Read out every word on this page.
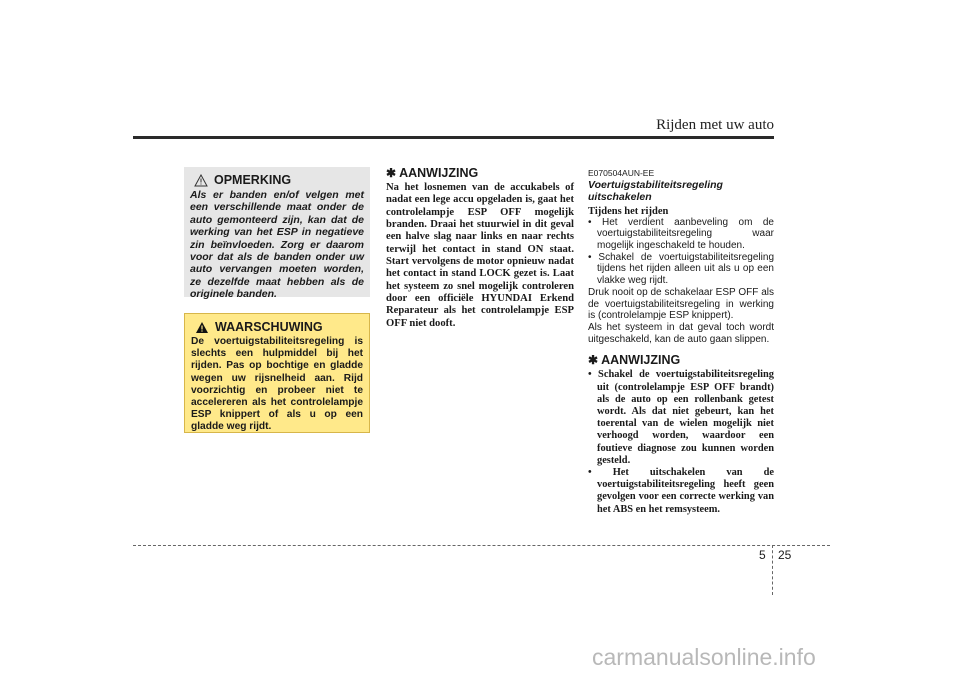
Rijden met uw auto
OPMERKING
Als er banden en/of velgen met een verschillende maat onder de auto gemonteerd zijn, kan dat de werking van het ESP in negatieve zin beïnvloeden. Zorg er daarom voor dat als de banden onder uw auto vervangen moeten worden, ze dezelfde maat hebben als de originele banden.
WAARSCHUWING
De voertuigstabiliteitsregeling is slechts een hulpmiddel bij het rijden. Pas op bochtige en gladde wegen uw rijsnelheid aan. Rijd voorzichtig en probeer niet te accelereren als het controlelampje ESP knippert of als u op een gladde weg rijdt.
✱ AANWIJZING
Na het losnemen van de accukabels of nadat een lege accu opgeladen is, gaat het controlelampje ESP OFF mogelijk branden. Draai het stuurwiel in dit geval een halve slag naar links en naar rechts terwijl het contact in stand ON staat. Start vervolgens de motor opnieuw nadat het contact in stand LOCK gezet is. Laat het systeem zo snel mogelijk controleren door een officiële HYUNDAI Erkend Reparateur als het controlelampje ESP OFF niet dooft.
E070504AUN-EE
Voertuigstabiliteitsregeling uitschakelen
Tijdens het rijden
• Het verdient aanbeveling om de voertuigstabiliteitsregeling waar mogelijk ingeschakeld te houden.
• Schakel de voertuigstabiliteitsregeling tijdens het rijden alleen uit als u op een vlakke weg rijdt.
Druk nooit op de schakelaar ESP OFF als de voertuigstabiliteitsregeling in werking is (controlelampje ESP knippert).
Als het systeem in dat geval toch wordt uitgeschakeld, kan de auto gaan slippen.
✱ AANWIJZING
• Schakel de voertuigstabiliteitsregeling uit (controlelampje ESP OFF brandt) als de auto op een rollenbank getest wordt. Als dat niet gebeurt, kan het toerental van de wielen mogelijk niet verhoogd worden, waardoor een foutieve diagnose zou kunnen worden gesteld.
• Het uitschakelen van de voertuigstabiliteitsregeling heeft geen gevolgen voor een correcte werking van het ABS en het remsysteem.
5 25
carmanualsonline.info
